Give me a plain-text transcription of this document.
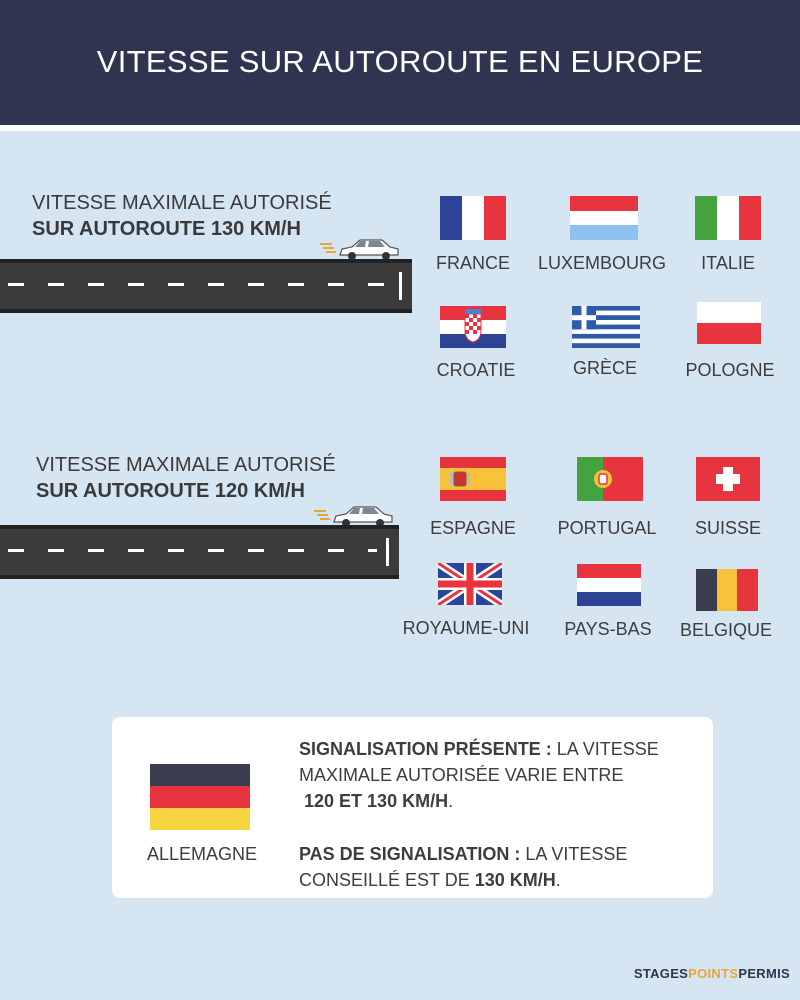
VITESSE SUR AUTOROUTE EN EUROPE
VITESSE MAXIMALE AUTORISÉ
SUR AUTOROUTE 130 KM/H
FRANCE	LUXEMBOURG	ITALIE
CROATIE	GRÈCE	POLOGNE
VITESSE MAXIMALE AUTORISÉ
SUR AUTOROUTE 120 KM/H
ESPAGNE	PORTUGAL	SUISSE
ROYAUME-UNI	PAYS-BAS	BELGIQUE
ALLEMAGNE
SIGNALISATION PRÉSENTE : LA VITESSE MAXIMALE AUTORISÉE VARIE ENTRE
120 ET 130 KM/H.
PAS DE SIGNALISATION : LA VITESSE CONSEILLÉ EST DE 130 KM/H.
STAGESPOINTSPERMIS
